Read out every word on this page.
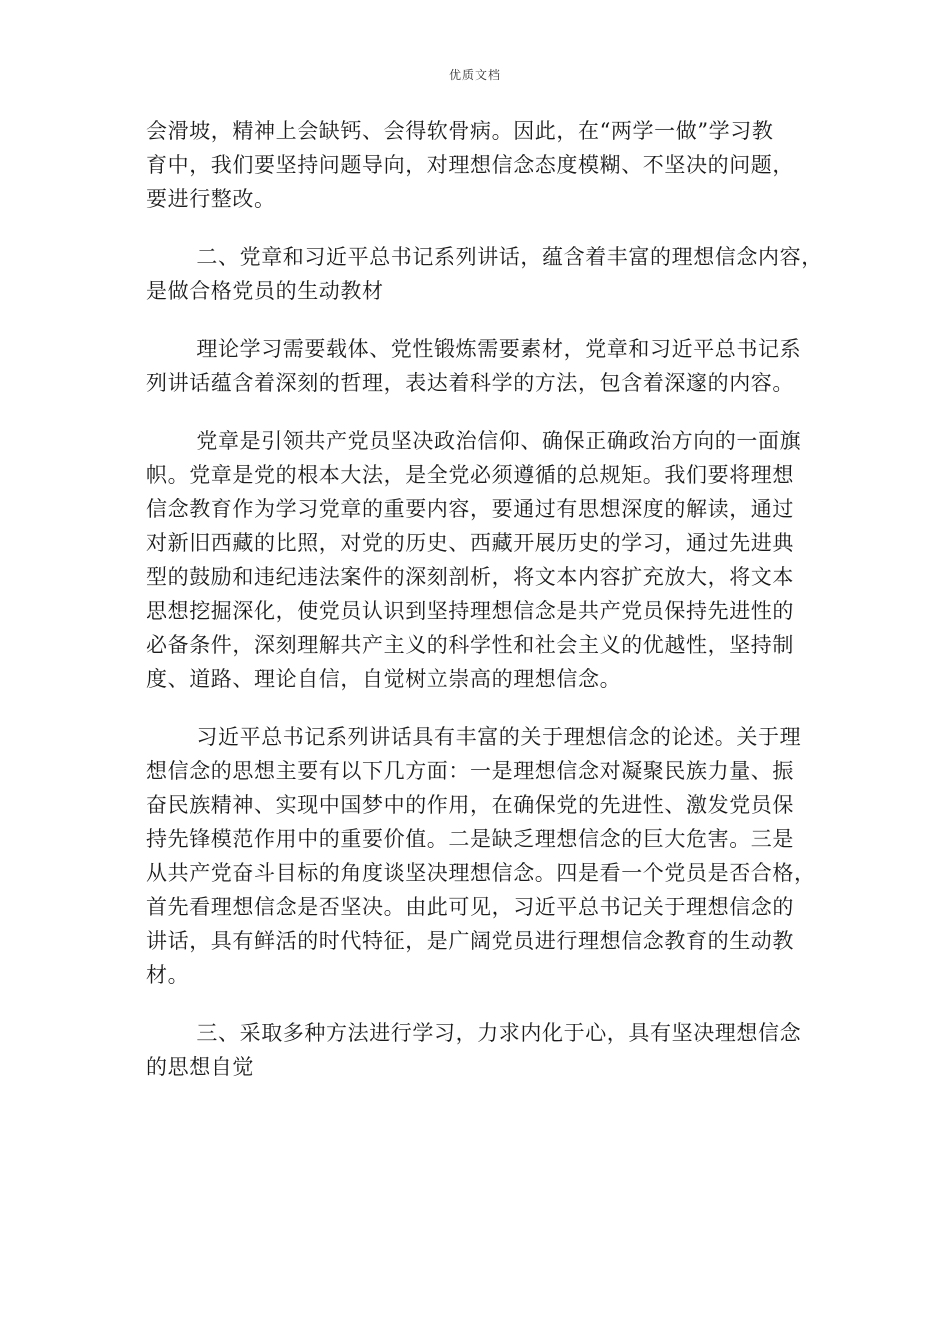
优质文档

会滑坡，精神上会缺钙、会得软骨病。因此，在“两学一做”学习教
育中，我们要坚持问题导向，对理想信念态度模糊、不坚决的问题，
要进行整改。

二、党章和习近平总书记系列讲话，蕴含着丰富的理想信念内容，
是做合格党员的生动教材

理论学习需要载体、党性锻炼需要素材，党章和习近平总书记系
列讲话蕴含着深刻的哲理，表达着科学的方法，包含着深邃的内容。

党章是引领共产党员坚决政治信仰、确保正确政治方向的一面旗
帜。党章是党的根本大法，是全党必须遵循的总规矩。我们要将理想
信念教育作为学习党章的重要内容，要通过有思想深度的解读，通过
对新旧西藏的比照，对党的历史、西藏开展历史的学习，通过先进典
型的鼓励和违纪违法案件的深刻剖析，将文本内容扩充放大，将文本
思想挖掘深化，使党员认识到坚持理想信念是共产党员保持先进性的
必备条件，深刻理解共产主义的科学性和社会主义的优越性，坚持制
度、道路、理论自信，自觉树立崇高的理想信念。

习近平总书记系列讲话具有丰富的关于理想信念的论述。关于理
想信念的思想主要有以下几方面：一是理想信念对凝聚民族力量、振
奋民族精神、实现中国梦中的作用，在确保党的先进性、激发党员保
持先锋模范作用中的重要价值。二是缺乏理想信念的巨大危害。三是
从共产党奋斗目标的角度谈坚决理想信念。四是看一个党员是否合格，
首先看理想信念是否坚决。由此可见，习近平总书记关于理想信念的
讲话，具有鲜活的时代特征，是广阔党员进行理想信念教育的生动教
材。

三、采取多种方法进行学习，力求内化于心，具有坚决理想信念
的思想自觉
